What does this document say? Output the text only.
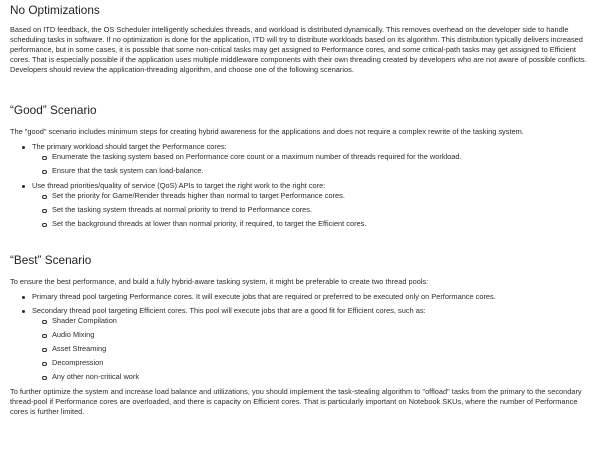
No Optimizations

Based on ITD feedback, the OS Scheduler intelligently schedules threads, and workload is distributed dynamically. This removes overhead on the developer side to handle scheduling tasks in software. If no optimization is done for the application, ITD will try to distribute workloads based on its algorithm. This distribution typically delivers increased performance, but in some cases, it is possible that some non-critical tasks may get assigned to Performance cores, and some critical-path tasks may get assigned to Efficient cores. That is especially possible if the application uses multiple middleware components with their own threading created by developers who are not aware of possible conflicts. Developers should review the application-threading algorithm, and choose one of the following scenarios.

“Good” Scenario

The "good" scenario includes minimum steps for creating hybrid awareness for the applications and does not require a complex rewrite of the tasking system.

The primary workload should target the Performance cores:
Enumerate the tasking system based on Performance core count or a maximum number of threads required for the workload.
Ensure that the task system can load-balance.
Use thread priorities/quality of service (QoS) APIs to target the right work to the right core:
Set the priority for Game/Render threads higher than normal to target Performance cores.
Set the tasking system threads at normal priority to trend to Performance cores.
Set the background threads at lower than normal priority, if required, to target the Efficient cores.
“Best” Scenario

To ensure the best performance, and build a fully hybrid-aware tasking system, it might be preferable to create two thread pools:

Primary thread pool targeting Performance cores. It will execute jobs that are required or preferred to be executed only on Performance cores.
Secondary thread pool targeting Efficient cores. This pool will execute jobs that are a good fit for Efficient cores, such as:
Shader Compilation
Audio Mixing
Asset Streaming
Decompression
Any other non-critical work

To further optimize the system and increase load balance and utilizations, you should implement the task-stealing algorithm to "offload" tasks from the primary to the secondary thread-pool if Performance cores are overloaded, and there is capacity on Efficient cores. That is particularly important on Notebook SKUs, where the number of Performance cores is further limited.
